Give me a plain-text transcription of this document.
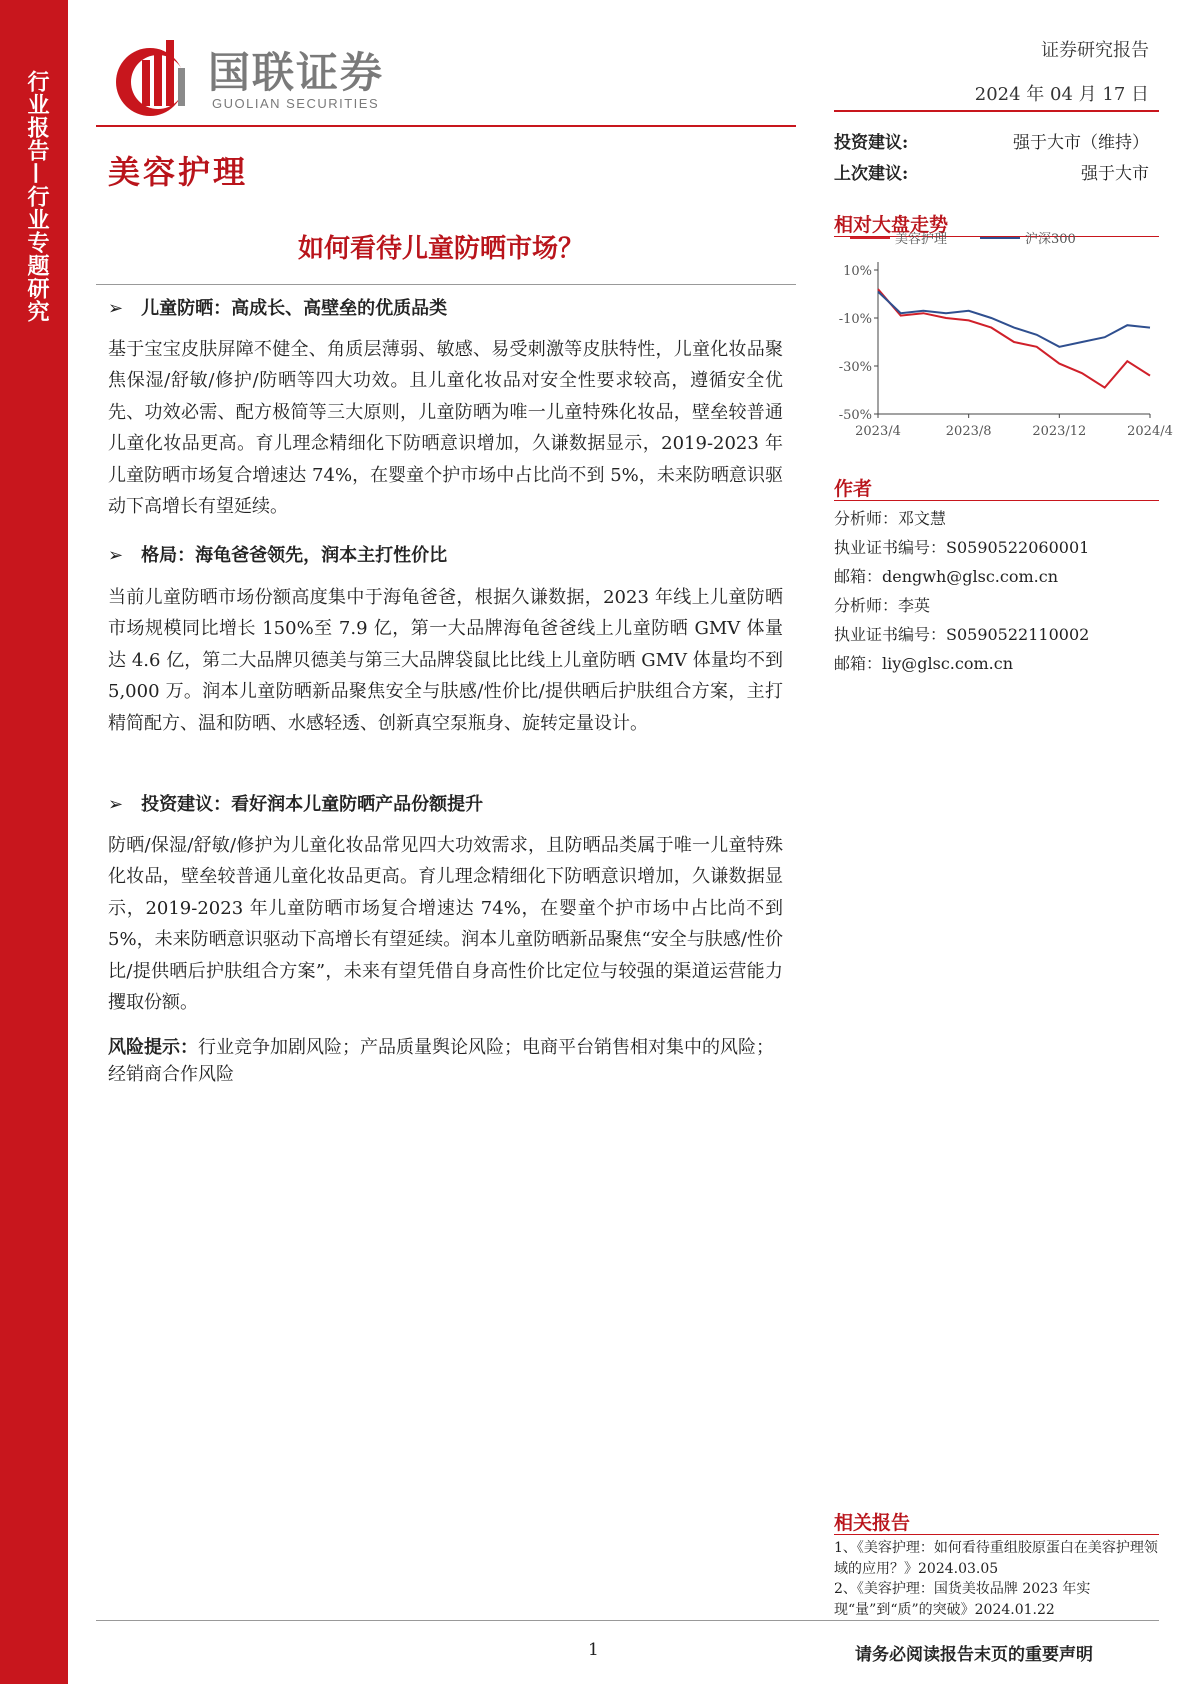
行业报告—行业专题研究	国联证券
GUOLIAN SECURITIES
证券研究报告
2024 年 04 月 17 日
美容护理
如何看待儿童防晒市场？
➢ 儿童防晒：高成长、高壁垒的优质品类
基于宝宝皮肤屏障不健全、角质层薄弱、敏感、易受刺激等皮肤特性，儿童化妆品聚焦保湿/舒敏/修护/防晒等四大功效。且儿童化妆品对安全性要求较高，遵循安全优先、功效必需、配方极简等三大原则，儿童防晒为唯一儿童特殊化妆品，壁垒较普通儿童化妆品更高。育儿理念精细化下防晒意识增加，久谦数据显示，2019-2023 年儿童防晒市场复合增速达 74%，在婴童个护市场中占比尚不到 5%，未来防晒意识驱动下高增长有望延续。
➢ 格局：海龟爸爸领先，润本主打性价比
当前儿童防晒市场份额高度集中于海龟爸爸，根据久谦数据，2023 年线上儿童防晒市场规模同比增长 150%至 7.9 亿，第一大品牌海龟爸爸线上儿童防晒 GMV 体量达 4.6 亿，第二大品牌贝德美与第三大品牌袋鼠比比线上儿童防晒 GMV 体量均不到 5,000 万。润本儿童防晒新品聚焦安全与肤感/性价比/提供晒后护肤组合方案，主打精简配方、温和防晒、水感轻透、创新真空泵瓶身、旋转定量设计。
➢ 投资建议：看好润本儿童防晒产品份额提升
防晒/保湿/舒敏/修护为儿童化妆品常见四大功效需求，且防晒品类属于唯一儿童特殊化妆品，壁垒较普通儿童化妆品更高。育儿理念精细化下防晒意识增加，久谦数据显示，2019-2023 年儿童防晒市场复合增速达 74%，在婴童个护市场中占比尚不到 5%，未来防晒意识驱动下高增长有望延续。润本儿童防晒新品聚焦“安全与肤感/性价比/提供晒后护肤组合方案”，未来有望凭借自身高性价比定位与较强的渠道运营能力攫取份额。
风险提示：行业竞争加剧风险；产品质量舆论风险；电商平台销售相对集中的风险；经销商合作风险
投资建议:	强于大市（维持）
上次建议:	强于大市
相对大盘走势
10%
-10%
-30%
-50%
2023/4	2023/8	2023/12	2024/4
美容护理	沪深300
作者
分析师：邓文慧
执业证书编号：S0590522060001
邮箱：dengwh@glsc.com.cn
分析师：李英
执业证书编号：S0590522110002
邮箱：liy@glsc.com.cn
相关报告
1、《美容护理：如何看待重组胶原蛋白在美容护理领域的应用？》2024.03.05
2、《美容护理：国货美妆品牌 2023 年实现“量”到“质”的突破》2024.01.22
1	请务必阅读报告末页的重要声明
